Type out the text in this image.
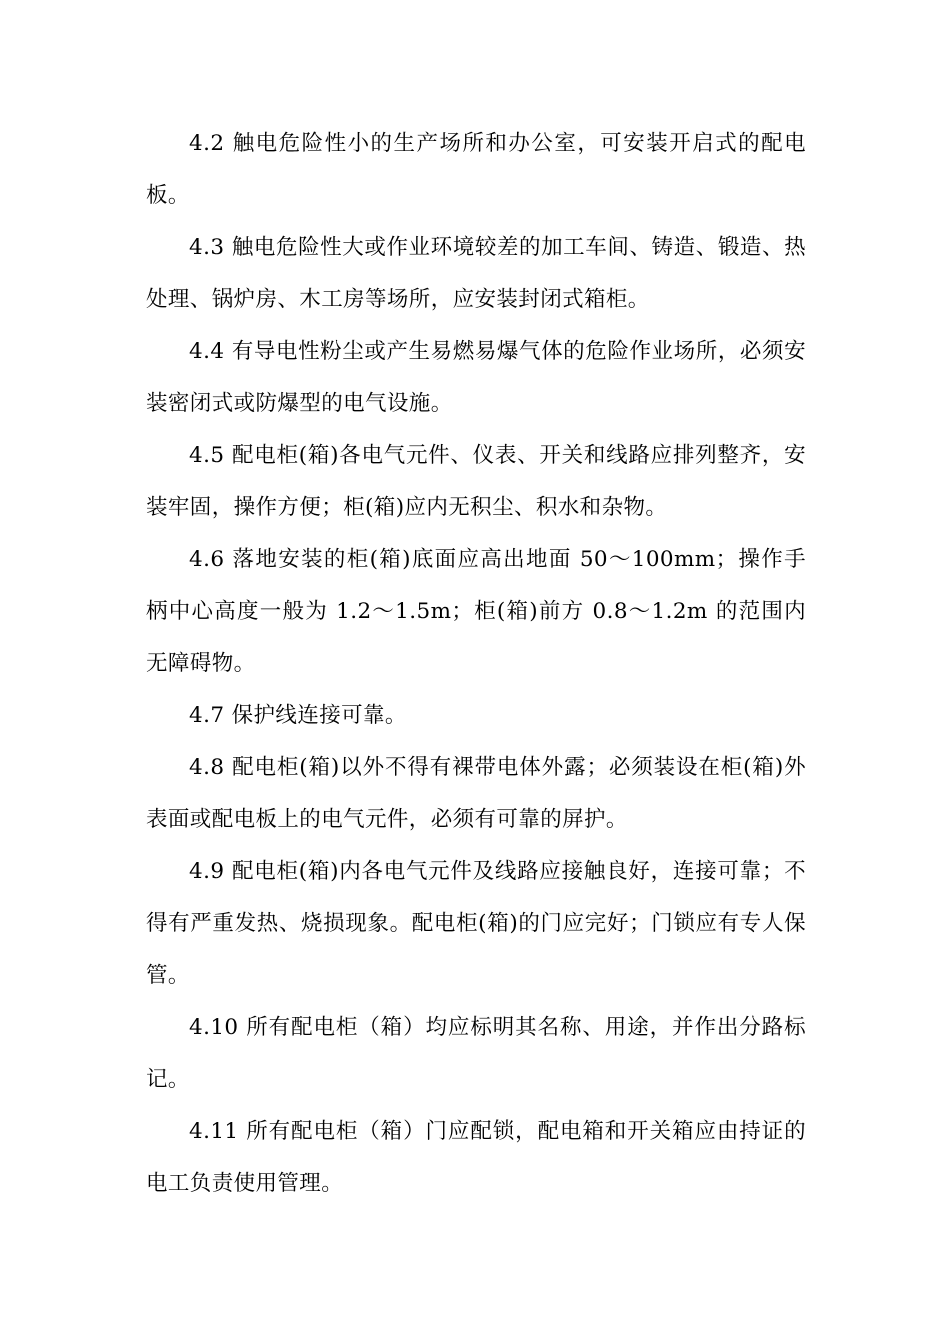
4.2 触电危险性小的生产场所和办公室，可安装开启式的配电板。

4.3 触电危险性大或作业环境较差的加工车间、铸造、锻造、热处理、锅炉房、木工房等场所，应安装封闭式箱柜。

4.4 有导电性粉尘或产生易燃易爆气体的危险作业场所，必须安装密闭式或防爆型的电气设施。

4.5 配电柜(箱)各电气元件、仪表、开关和线路应排列整齐，安装牢固，操作方便；柜(箱)应内无积尘、积水和杂物。

4.6 落地安装的柜(箱)底面应高出地面 50～100mm；操作手柄中心高度一般为 1.2～1.5m；柜(箱)前方 0.8～1.2m 的范围内无障碍物。

4.7 保护线连接可靠。

4.8 配电柜(箱)以外不得有裸带电体外露；必须装设在柜(箱)外表面或配电板上的电气元件，必须有可靠的屏护。

4.9 配电柜(箱)内各电气元件及线路应接触良好，连接可靠；不得有严重发热、烧损现象。配电柜(箱)的门应完好；门锁应有专人保管。

4.10 所有配电柜（箱）均应标明其名称、用途，并作出分路标记。

4.11 所有配电柜（箱）门应配锁，配电箱和开关箱应由持证的电工负责使用管理。
